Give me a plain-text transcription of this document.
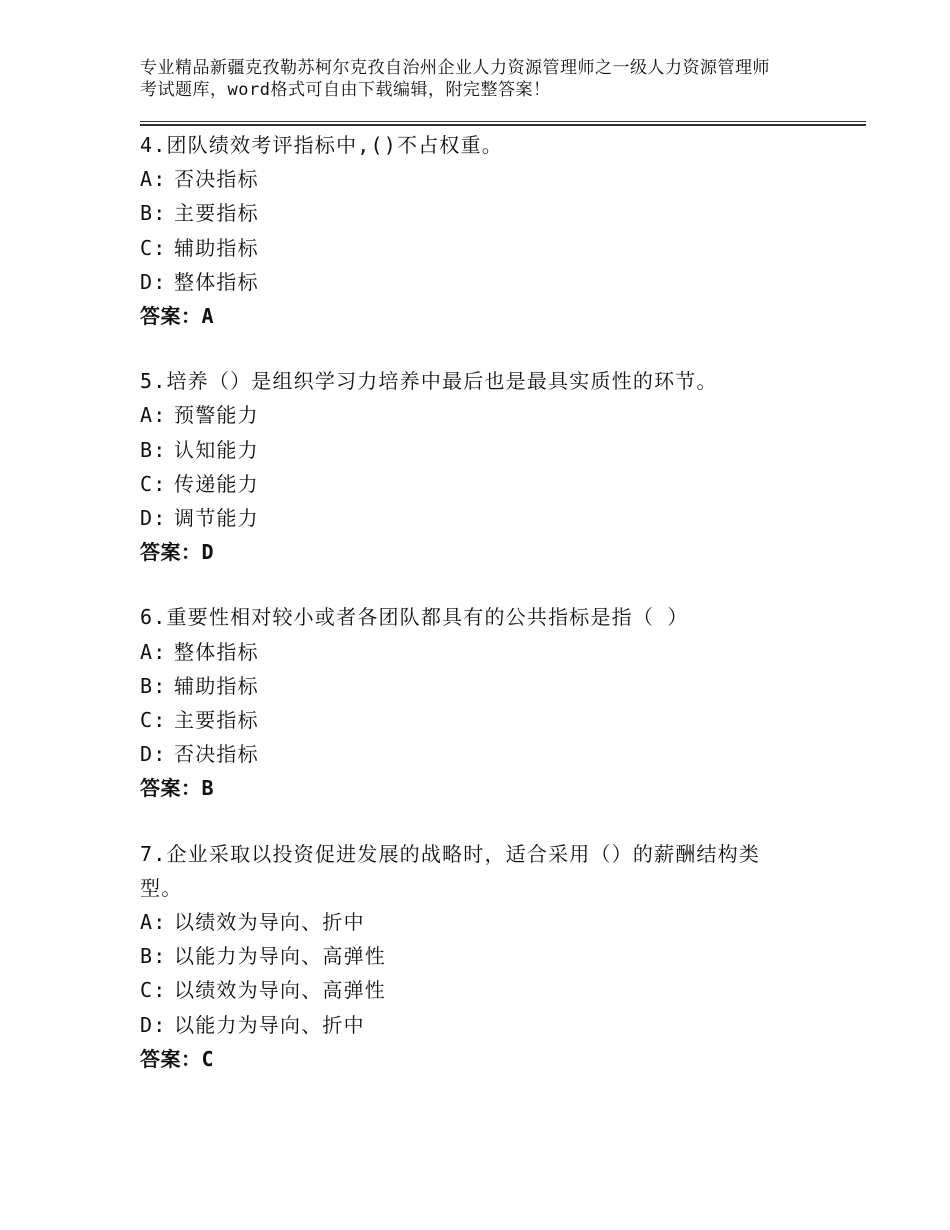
专业精品新疆克孜勒苏柯尔克孜自治州企业人力资源管理师之一级人力资源管理师
考试题库，word格式可自由下载编辑，附完整答案！
4.团队绩效考评指标中,()不占权重。
A: 否决指标
B: 主要指标
C: 辅助指标
D: 整体指标
答案：A
5.培养（）是组织学习力培养中最后也是最具实质性的环节。
A: 预警能力
B: 认知能力
C: 传递能力
D: 调节能力
答案：D
6.重要性相对较小或者各团队都具有的公共指标是指（ ）
A: 整体指标
B: 辅助指标
C: 主要指标
D: 否决指标
答案：B
7.企业采取以投资促进发展的战略时，适合采用（）的薪酬结构类型。
A: 以绩效为导向、折中
B: 以能力为导向、高弹性
C: 以绩效为导向、高弹性
D: 以能力为导向、折中
答案：C
